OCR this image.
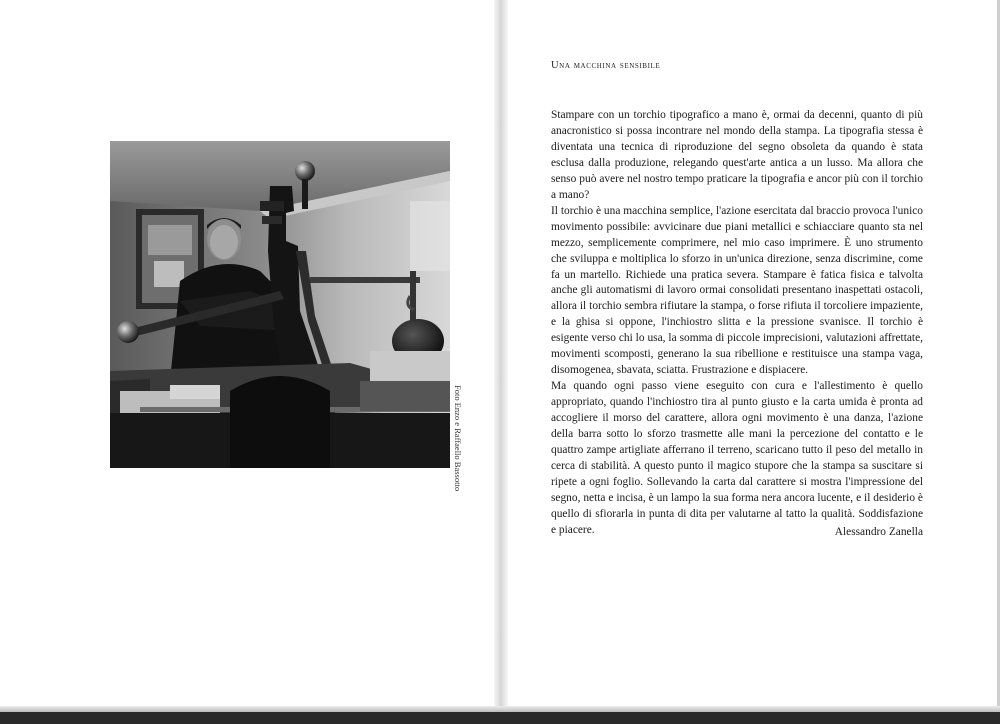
Foto Enzo e Raffaello Bassotto
Una macchina sensibile

Stampare con un torchio tipografico a mano è, ormai da decenni, quanto di più anacronistico si possa incontrare nel mondo della stampa. La tipografia stessa è diventata una tecnica di riproduzione del segno obsoleta da quando è stata esclusa dalla produzione, relegando quest'arte antica a un lusso. Ma allora che senso può avere nel nostro tempo praticare la tipografia e ancor più con il torchio a mano?

Il torchio è una macchina semplice, l'azione esercitata dal braccio provoca l'unico movimento possibile: avvicinare due piani metallici e schiacciare quanto sta nel mezzo, semplicemente comprimere, nel mio caso imprimere. È uno strumento che sviluppa e moltiplica lo sforzo in un'unica direzione, senza discrimine, come fa un martello. Richiede una pratica severa. Stampare è fatica fisica e talvolta anche gli automatismi di lavoro ormai consolidati presentano inaspettati ostacoli, allora il torchio sembra rifiutare la stampa, o forse rifiuta il torcoliere impaziente, e la ghisa si oppone, l'inchiostro slitta e la pressione svanisce. Il torchio è esigente verso chi lo usa, la somma di piccole imprecisioni, valutazioni affrettate, movimenti scomposti, generano la sua ribellione e restituisce una stampa vaga, disomogenea, sbavata, sciatta. Frustrazione e dispiacere.

Ma quando ogni passo viene eseguito con cura e l'allestimento è quello appropriato, quando l'inchiostro tira al punto giusto e la carta umida è pronta ad accogliere il morso del carattere, allora ogni movimento è una danza, l'azione della barra sotto lo sforzo trasmette alle mani la percezione del contatto e le quattro zampe artigliate afferrano il terreno, scaricano tutto il peso del metallo in cerca di stabilità. A questo punto il magico stupore che la stampa sa suscitare si ripete a ogni foglio. Sollevando la carta dal carattere si mostra l'impressione del segno, netta e incisa, è un lampo la sua forma nera ancora lucente, e il desiderio è quello di sfiorarla in punta di dita per valutarne al tatto la qualità. Soddisfazione e piacere.	Alessandro Zanella
